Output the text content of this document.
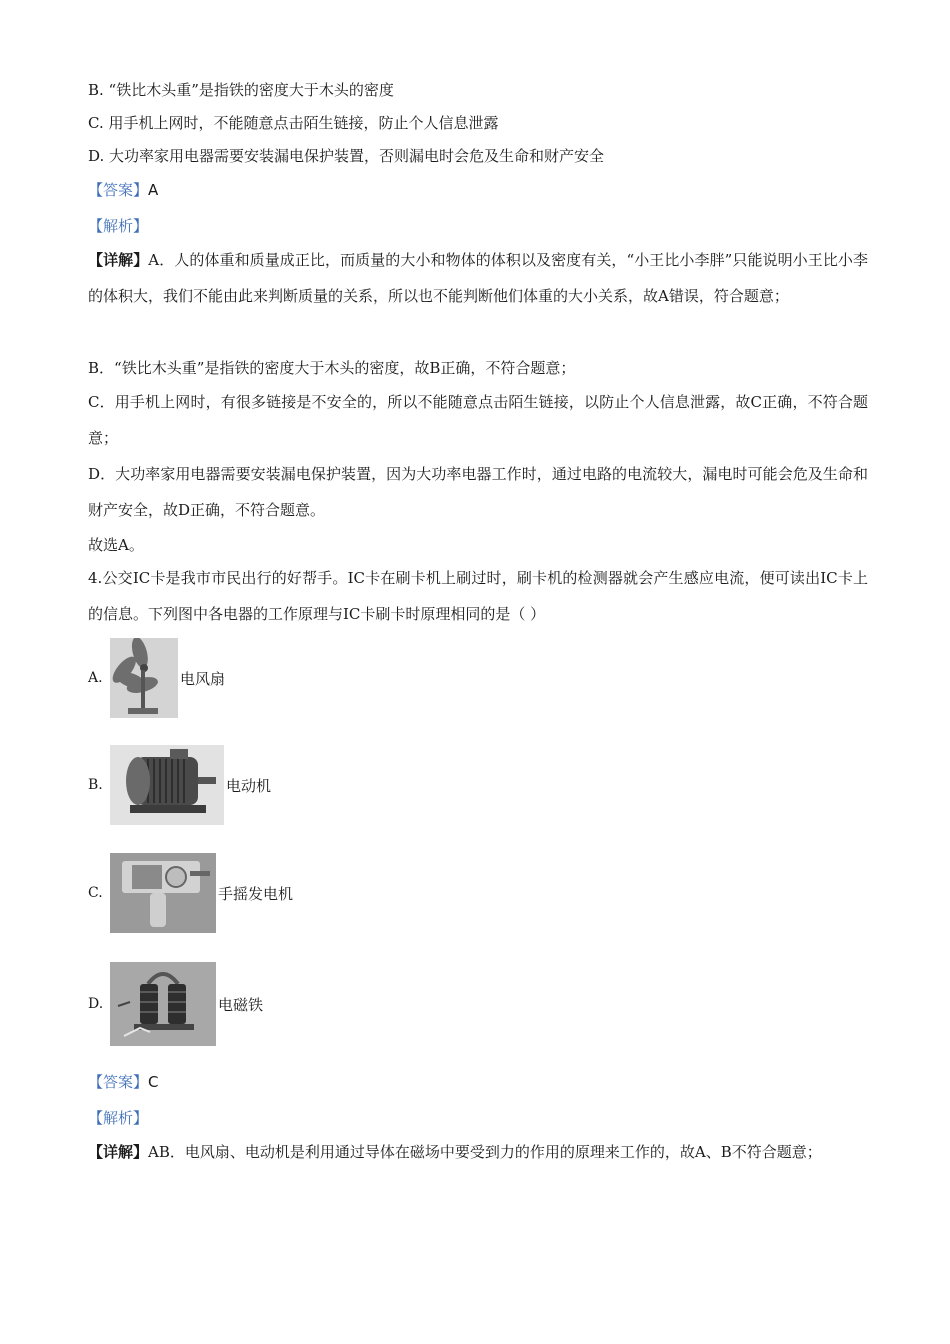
B. “铁比木头重”是指铁的密度大于木头的密度
C. 用手机上网时，不能随意点击陌生链接，防止个人信息泄露
D. 大功率家用电器需要安装漏电保护装置，否则漏电时会危及生命和财产安全
【答案】A
【解析】
【详解】A．人的体重和质量成正比，而质量的大小和物体的体积以及密度有关，“小王比小李胖”只能说明小王比小李的体积大，我们不能由此来判断质量的关系，所以也不能判断他们体重的大小关系，故A错误，符合题意；
B．“铁比木头重”是指铁的密度大于木头的密度，故B正确，不符合题意；
C．用手机上网时，有很多链接是不安全的，所以不能随意点击陌生链接，以防止个人信息泄露，故C正确，不符合题意；
D．大功率家用电器需要安装漏电保护装置，因为大功率电器工作时，通过电路的电流较大，漏电时可能会危及生命和财产安全，故D正确，不符合题意。
故选A。
4.公交IC卡是我市市民出行的好帮手。IC卡在刷卡机上刷过时，刷卡机的检测器就会产生感应电流，便可读出IC卡上的信息。下列图中各电器的工作原理与IC卡刷卡时原理相同的是（ ）
A.	电风扇
B.	电动机
C.	手摇发电机
D.	电磁铁
【答案】C
【解析】
【详解】AB．电风扇、电动机是利用通过导体在磁场中要受到力的作用的原理来工作的，故A、B不符合题意；
